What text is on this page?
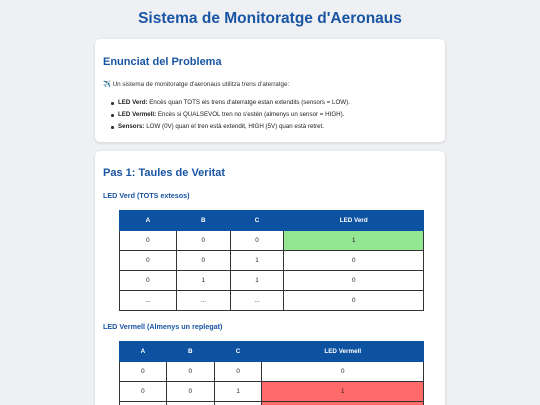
Sistema de Monitoratge d'Aeronaus
Enunciat del Problema
✈️ Un sistema de monitoratge d'aeronaus utilitza trens d'aterratge:
LED Verd: Encès quan TOTS els trens d'aterratge estan extendits (sensors = LOW).
LED Vermell: Encès si QUALSEVOL tren no s'estén (almenys un sensor = HIGH).
Sensors: LOW (0V) quan el tren està extendit, HIGH (5V) quan està retret.
Pas 1: Taules de Veritat
LED Verd (TOTS extesos)
A	B	C	LED Verd
0	0	0	1
0	0	1	0
0	1	1	0
...	...	...	0
LED Vermell (Almenys un replegat)
A	B	C	LED Vermell
0	0	0	0
0	0	1	1
